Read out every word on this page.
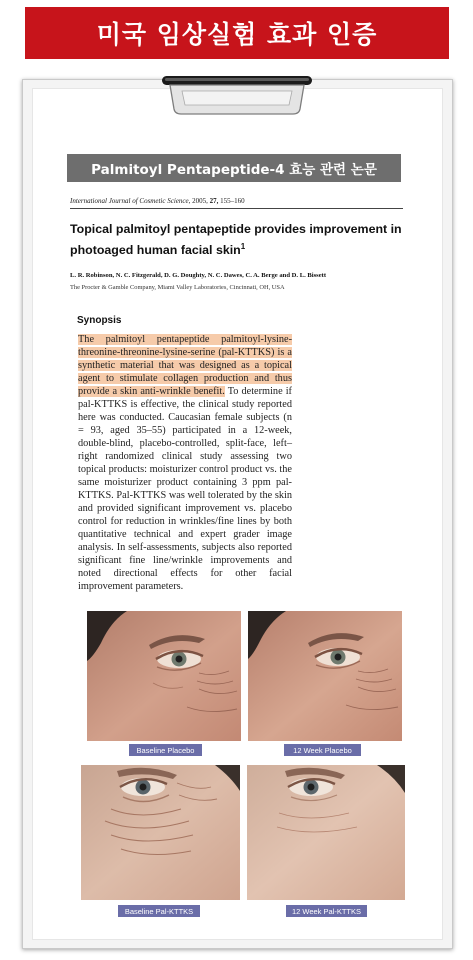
미국 임상실험 효과 인증
Palmitoyl Pentapeptide-4 효능 관련 논문
International Journal of Cosmetic Science, 2005, 27, 155–160
Topical palmitoyl pentapeptide provides improvement in photoaged human facial skin$^1$
L. R. Robinson, N. C. Fitzgerald, D. G. Doughty, N. C. Dawes, C. A. Berge and D. L. Bissett
The Procter & Gamble Company, Miami Valley Laboratories, Cincinnati, OH, USA
Synopsis
The palmitoyl pentapeptide palmitoyl-lysine-threonine-threonine-lysine-serine (pal-KTTKS) is a synthetic material that was designed as a topical agent to stimulate collagen production and thus provide a skin anti-wrinkle benefit. To determine if pal-KTTKS is effective, the clinical study reported here was conducted. Caucasian female subjects (n = 93, aged 35–55) participated in a 12-week, double-blind, placebo-controlled, split-face, left–right randomized clinical study assessing two topical products: moisturizer control product vs. the same moisturizer product containing 3 ppm pal-KTTKS. Pal-KTTKS was well tolerated by the skin and provided significant improvement vs. placebo control for reduction in wrinkles/fine lines by both quantitative technical and expert grader image analysis. In self-assessments, subjects also reported significant fine line/wrinkle improvements and noted directional effects for other facial improvement parameters.
Baseline Placebo	12 Week Placebo
Baseline Pal-KTTKS	12 Week Pal-KTTKS
